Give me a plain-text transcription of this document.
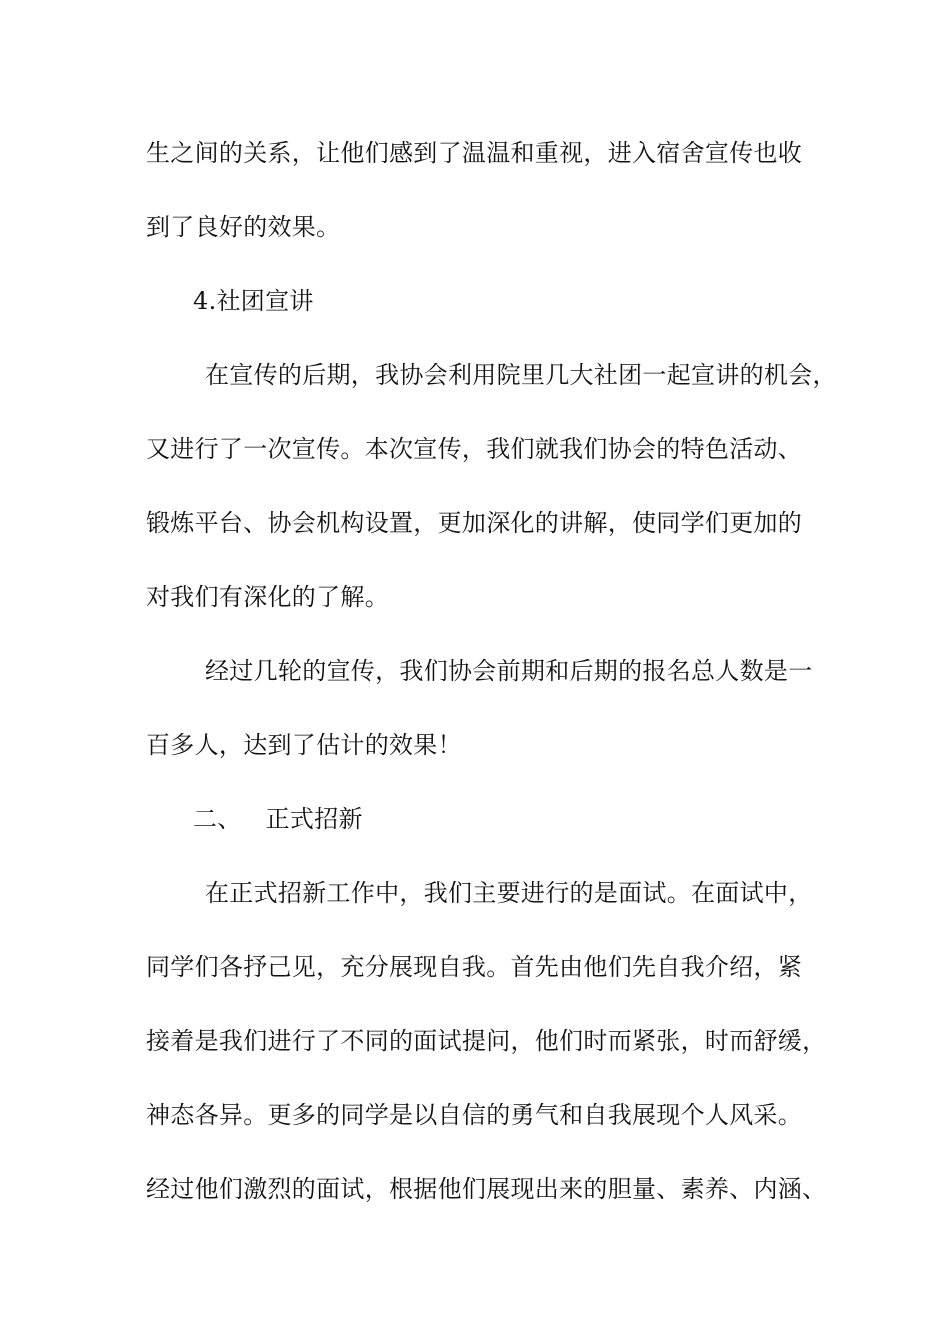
生之间的关系，让他们感到了温温和重视，进入宿舍宣传也收
到了良好的效果。
4.社团宣讲
在宣传的后期，我协会利用院里几大社团一起宣讲的机会，
又进行了一次宣传。本次宣传，我们就我们协会的特色活动、
锻炼平台、协会机构设置，更加深化的讲解，使同学们更加的
对我们有深化的了解。
经过几轮的宣传，我们协会前期和后期的报名总人数是一
百多人，达到了估计的效果！
二、 正式招新
在正式招新工作中，我们主要进行的是面试。在面试中，
同学们各抒己见，充分展现自我。首先由他们先自我介绍，紧
接着是我们进行了不同的面试提问，他们时而紧张，时而舒缓，
神态各异。更多的同学是以自信的勇气和自我展现个人风采。
经过他们激烈的面试，根据他们展现出来的胆量、素养、内涵、
